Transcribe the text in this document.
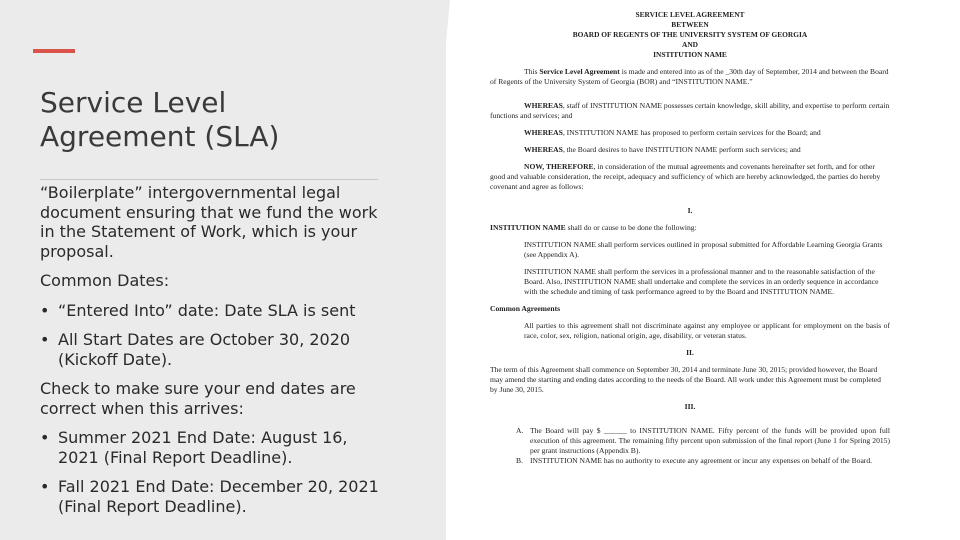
Service Level Agreement (SLA)

“Boilerplate” intergovernmental legal document ensuring that we fund the work in the Statement of Work, which is your proposal.

Common Dates:

• “Entered Into” date: Date SLA is sent
• All Start Dates are October 30, 2020 (Kickoff Date).

Check to make sure your end dates are correct when this arrives:

• Summer 2021 End Date: August 16, 2021 (Final Report Deadline).
• Fall 2021 End Date: December 20, 2021 (Final Report Deadline).

SERVICE LEVEL AGREEMENT

BETWEEN

BOARD OF REGENTS OF THE UNIVERSITY SYSTEM OF GEORGIA

AND

INSTITUTION NAME

This Service Level Agreement is made and entered into as of the _30th day of September, 2014 and between the Board of Regents of the University System of Georgia (BOR) and “INSTITUTION NAME.”

WHEREAS, staff of INSTITUTION NAME possesses certain knowledge, skill ability, and expertise to perform certain functions and services; and

WHEREAS, INSTITUTION NAME has proposed to perform certain services for the Board; and

WHEREAS, the Board desires to have INSTITUTION NAME perform such services; and

NOW, THEREFORE, in consideration of the mutual agreements and covenants hereinafter set forth, and for other good and valuable consideration, the receipt, adequacy and sufficiency of which are hereby acknowledged, the parties do hereby covenant and agree as follows:

I.

INSTITUTION NAME shall do or cause to be done the following:

INSTITUTION NAME shall perform services outlined in proposal submitted for Affordable Learning Georgia Grants (see Appendix A).

INSTITUTION NAME shall perform the services in a professional manner and to the reasonable satisfaction of the Board. Also, INSTITUTION NAME shall undertake and complete the services in an orderly sequence in accordance with the schedule and timing of task performance agreed to by the Board and INSTITUTION NAME.

Common Agreements

All parties to this agreement shall not discriminate against any employee or applicant for employment on the basis of race, color, sex, religion, national origin, age, disability, or veteran status.

II.

The term of this Agreement shall commence on September 30, 2014 and terminate June 30, 2015; provided however, the Board may amend the starting and ending dates according to the needs of the Board. All work under this Agreement must be completed by June 30, 2015.

III.

A. The Board will pay $ ______ to INSTITUTION NAME. Fifty percent of the funds will be provided upon full execution of this agreement. The remaining fifty percent upon submission of the final report (June 1 for Spring 2015) per grant instructions (Appendix B).
B. INSTITUTION NAME has no authority to execute any agreement or incur any expenses on behalf of the Board.
